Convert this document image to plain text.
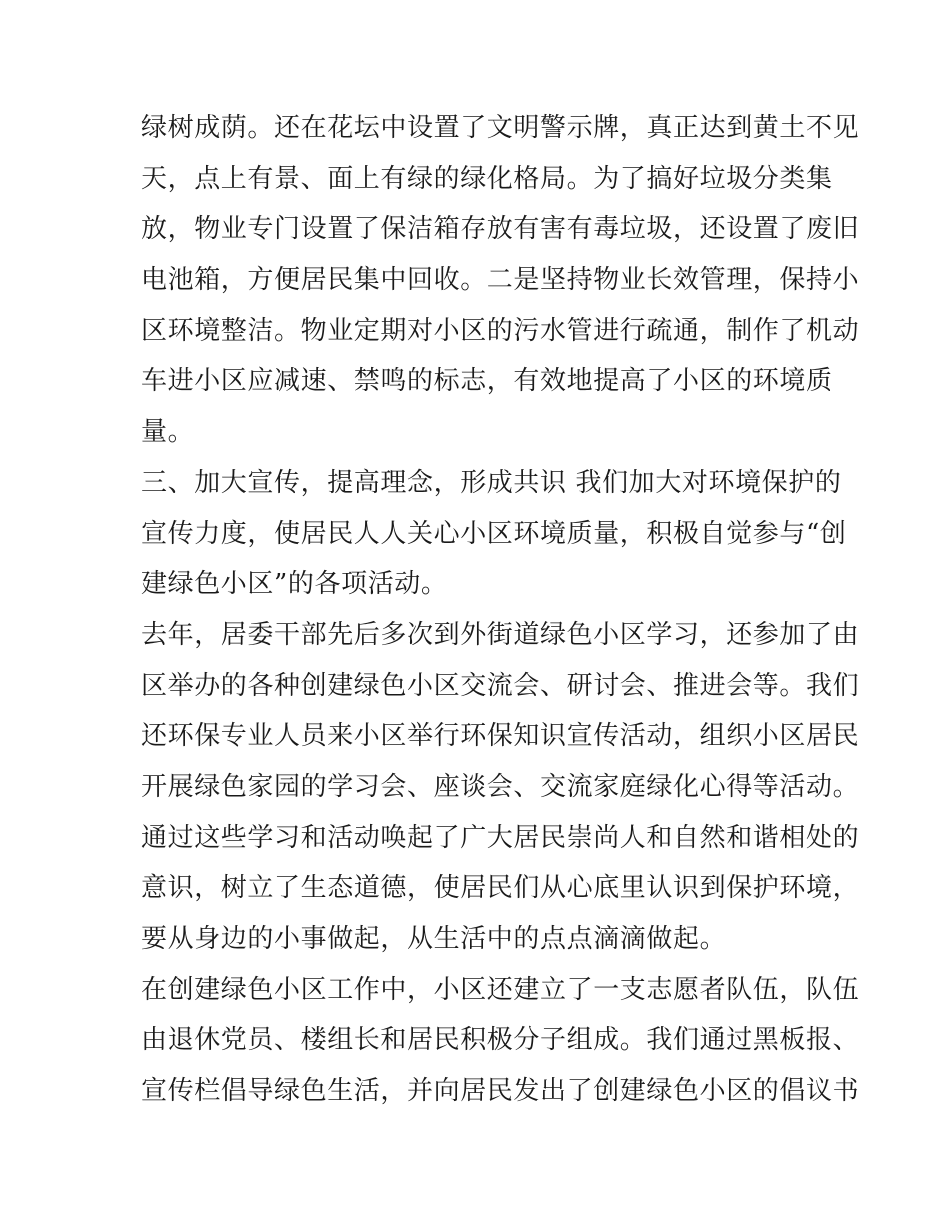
绿树成荫。还在花坛中设置了文明警示牌，真正达到黄土不见
天，点上有景、面上有绿的绿化格局。为了搞好垃圾分类集
放，物业专门设置了保洁箱存放有害有毒垃圾，还设置了废旧
电池箱，方便居民集中回收。二是坚持物业长效管理，保持小
区环境整洁。物业定期对小区的污水管进行疏通，制作了机动
车进小区应减速、禁鸣的标志，有效地提高了小区的环境质
量。
三、加大宣传，提高理念，形成共识 我们加大对环境保护的
宣传力度，使居民人人关心小区环境质量，积极自觉参与“创
建绿色小区”的各项活动。
去年，居委干部先后多次到外街道绿色小区学习，还参加了由
区举办的各种创建绿色小区交流会、研讨会、推进会等。我们
还环保专业人员来小区举行环保知识宣传活动，组织小区居民
开展绿色家园的学习会、座谈会、交流家庭绿化心得等活动。
通过这些学习和活动唤起了广大居民崇尚人和自然和谐相处的
意识，树立了生态道德，使居民们从心底里认识到保护环境，
要从身边的小事做起，从生活中的点点滴滴做起。
在创建绿色小区工作中，小区还建立了一支志愿者队伍，队伍
由退休党员、楼组长和居民积极分子组成。我们通过黑板报、
宣传栏倡导绿色生活，并向居民发出了创建绿色小区的倡议书
